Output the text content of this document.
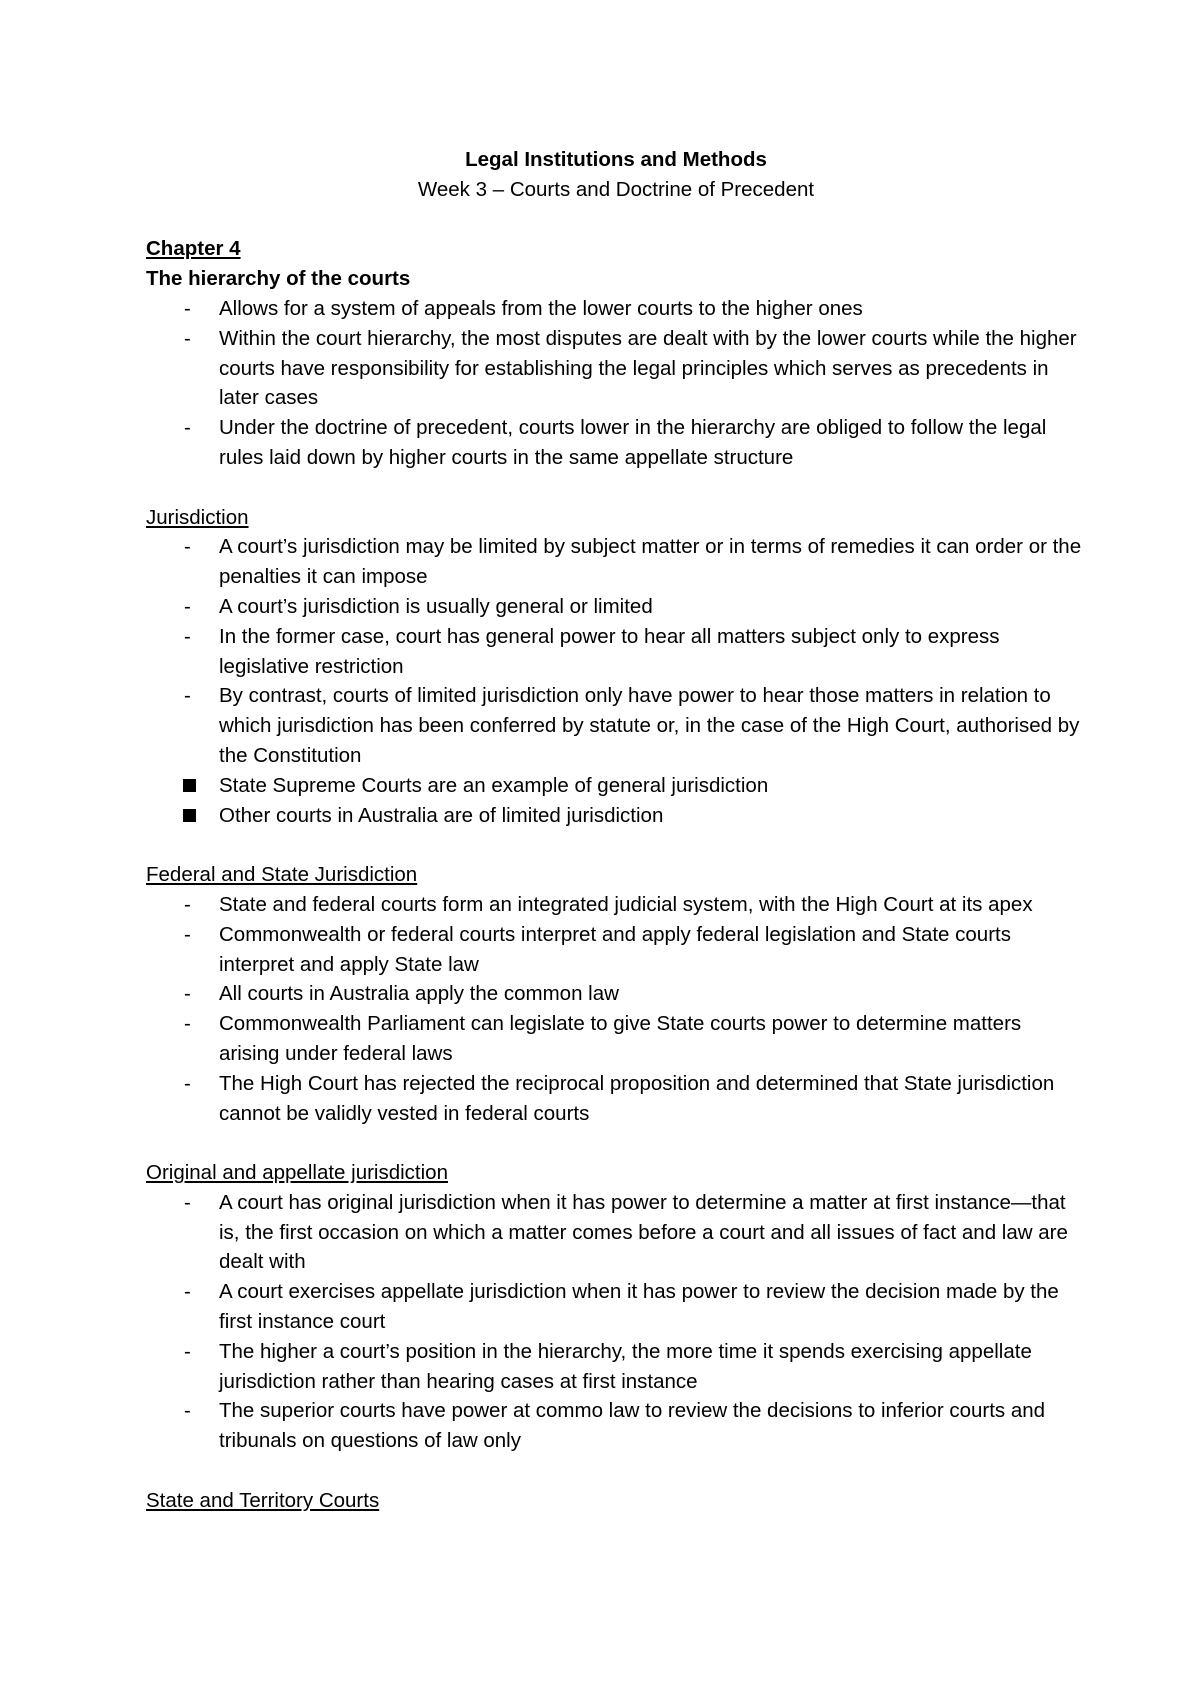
Legal Institutions and Methods

Week 3 – Courts and Doctrine of Precedent

Chapter 4

The hierarchy of the courts

-	Allows for a system of appeals from the lower courts to the higher ones
-	Within the court hierarchy, the most disputes are dealt with by the lower courts while the higher courts have responsibility for establishing the legal principles which serves as precedents in later cases
-	Under the doctrine of precedent, courts lower in the hierarchy are obliged to follow the legal rules laid down by higher courts in the same appellate structure

Jurisdiction

-	A court’s jurisdiction may be limited by subject matter or in terms of remedies it can order or the penalties it can impose
-	A court’s jurisdiction is usually general or limited
-	In the former case, court has general power to hear all matters subject only to express legislative restriction
-	By contrast, courts of limited jurisdiction only have power to hear those matters in relation to which jurisdiction has been conferred by statute or, in the case of the High Court, authorised by the Constitution
State Supreme Courts are an example of general jurisdiction
Other courts in Australia are of limited jurisdiction

Federal and State Jurisdiction

-	State and federal courts form an integrated judicial system, with the High Court at its apex
-	Commonwealth or federal courts interpret and apply federal legislation and State courts interpret and apply State law
-	All courts in Australia apply the common law
-	Commonwealth Parliament can legislate to give State courts power to determine matters arising under federal laws
-	The High Court has rejected the reciprocal proposition and determined that State jurisdiction cannot be validly vested in federal courts

Original and appellate jurisdiction

-	A court has original jurisdiction when it has power to determine a matter at first instance—that is, the first occasion on which a matter comes before a court and all issues of fact and law are dealt with
-	A court exercises appellate jurisdiction when it has power to review the decision made by the first instance court
-	The higher a court’s position in the hierarchy, the more time it spends exercising appellate jurisdiction rather than hearing cases at first instance
-	The superior courts have power at commo law to review the decisions to inferior courts and tribunals on questions of law only

State and Territory Courts
